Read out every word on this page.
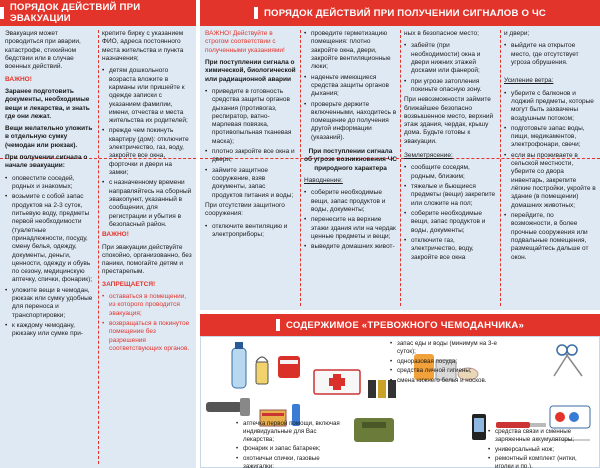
ПОРЯДОК ДЕЙСТВИЙ ПРИ ЭВАКУАЦИИ

Эвакуация может проводиться при аварии, катастрофе, стихийном бедствии или в случае военных действий.

ВАЖНО!

Заранее подготовить документы, необходимые вещи и лекарства, и знать где они лежат.

Вещи желательно уложить в отдельную сумку (чемодан или рюкзак).

При получении сигнала о начале эвакуации:

• оповестите соседей, родных и знакомых;
• возьмите с собой запас продуктов на 2-3 суток, питьевую воду, предметы первой необходимости (туалетные принадлежности, посуду, смену белья, одежду, документы, деньги, ценности, одежду и обувь по сезону, медицинскую аптечку, спички, фонарик);
• уложите вещи в чемодан, рюкзак или сумку удобные для переноса и транспортировки;
• к каждому чемодану, рюкзаку или сумке при-

крепите бирку с указанием ФИО, адреса постоянного места жительства и пункта назначения;

• детям дошкольного возраста вложите в карманы или пришейте к одежде записки с указанием фамилии, имени, отчества и места жительства их родителей;
• прежде чем покинуть квартиру (дом): отключите электричество, газ, воду, закройте все окна, форточки и двери на замки;
• с назначенному времени направляйтесь на сборный эвакопункт, указанный в сообщении, для регистрации и убытия в безопасный район.

ВАЖНО!

При эвакуации действуйте спокойно, организованно, без паники, помогайте детям и престарелым.

ЗАПРЕЩАЕТСЯ!

• оставаться в помещении, из которого проводится эвакуация;
• возвращаться в покинутое помещение без разрешения соответствующих органов.
ПОРЯДОК ДЕЙСТВИЙ ПРИ ПОЛУЧЕНИИ СИГНАЛОВ О ЧС

ВАЖНО! Действуйте в строгом соответствии с полученными указаниями!

При поступлении сигнала о химической, биологической или радиационной аварии

• приведите в готовность средства защиты органов дыхания (противогаз, респиратор, ватно-марлевая повязка, противопыльная тканевая маска);
• плотно закройте все окна и двери;
• займите защитное сооружение, взяв документы, запас продуктов питания и воды;

При отсутствии защитного сооружения:

• отключите вентиляцию и электроприборы;
• проведите герметизацию помещения: плотно закройте окна, двери, закройте вентиляционные люки;
• наденьте имеющиеся средства защиты органов дыхания;
• проверьте держите включенными, находитесь в помещение до получения другой информации (указаний).

При поступлении сигнала об угрозе возникновения ЧС природного характера

Наводнение:

• соберите необходимые вещи, запас продуктов и воды, документы;
• перенесите на верхние этажи здания или на чердак ценные предметы и вещи;
• выведите домашних живот-

ных в безопасное место;

• забейте (при необходимости) окна и двери нижних этажей досками или фанерой;
• при угрозе затопления покиньте опасную зону.

При невозможности займите ближайшее безопасно возвышенное место, верхний этаж здания, чердак, крышу дома. Будьте готовы к эвакуации.

Землетрясение:

• сообщите соседям, родным, близким;
• тяжелые и бьющиеся предметы (вещи) закрепите или сложите на пол;
• соберите необходимые вещи, запас продуктов и воды, документы;
• отключите газ, электричество, воду, закройте все окна

и двери;

• выйдите на открытое место, где отсутствует угроза обрушения.

Усиление ветра:

• уберите с балконов и лоджий предметы, которые могут быть захвачены воздушным потоком;
• подготовьте запас воды, пищи, медикаментов, электрофонари, свечи;
• если вы проживаете в сельской местности, уберите со двора инвентарь, закрепите лёгкие постройки, укройте в здание (в помещении) домашних животных;
• перейдите, по возможности, в более прочные сооружения или подвальные помещения, размещайтесь дальше от окон.
СОДЕРЖИМОЕ «ТРЕВОЖНОГО ЧЕМОДАНЧИКА»
• запас еды и воды (минимум на 3-е суток);
• одноразовая посуда;
• средства личной гигиены;
• смена нижнего белья и носков.
• аптечка первой помощи, включая индивидуальные для Вас лекарства;
• фонарик и запас батареек;
• охотничьи спички, газовые зажигалки;
• средства связи и сменные заряженные аккумуляторы;
• универсальный нож;
• ремонтный комплект (нитки, иголки и пр.).
